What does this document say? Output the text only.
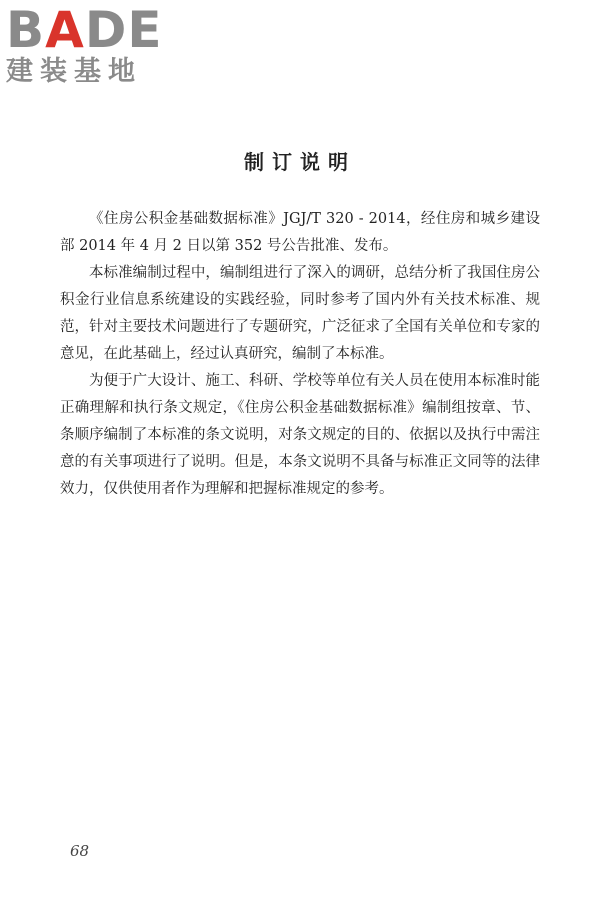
BADE
建装基地
制订说明

《住房公积金基础数据标准》JGJ/T 320 - 2014，经住房和城乡建设部 2014 年 4 月 2 日以第 352 号公告批准、发布。

本标准编制过程中，编制组进行了深入的调研，总结分析了我国住房公积金行业信息系统建设的实践经验，同时参考了国内外有关技术标准、规范，针对主要技术问题进行了专题研究，广泛征求了全国有关单位和专家的意见，在此基础上，经过认真研究，编制了本标准。

为便于广大设计、施工、科研、学校等单位有关人员在使用本标准时能正确理解和执行条文规定，《住房公积金基础数据标准》编制组按章、节、条顺序编制了本标准的条文说明，对条文规定的目的、依据以及执行中需注意的有关事项进行了说明。但是，本条文说明不具备与标准正文同等的法律效力，仅供使用者作为理解和把握标准规定的参考。

68
